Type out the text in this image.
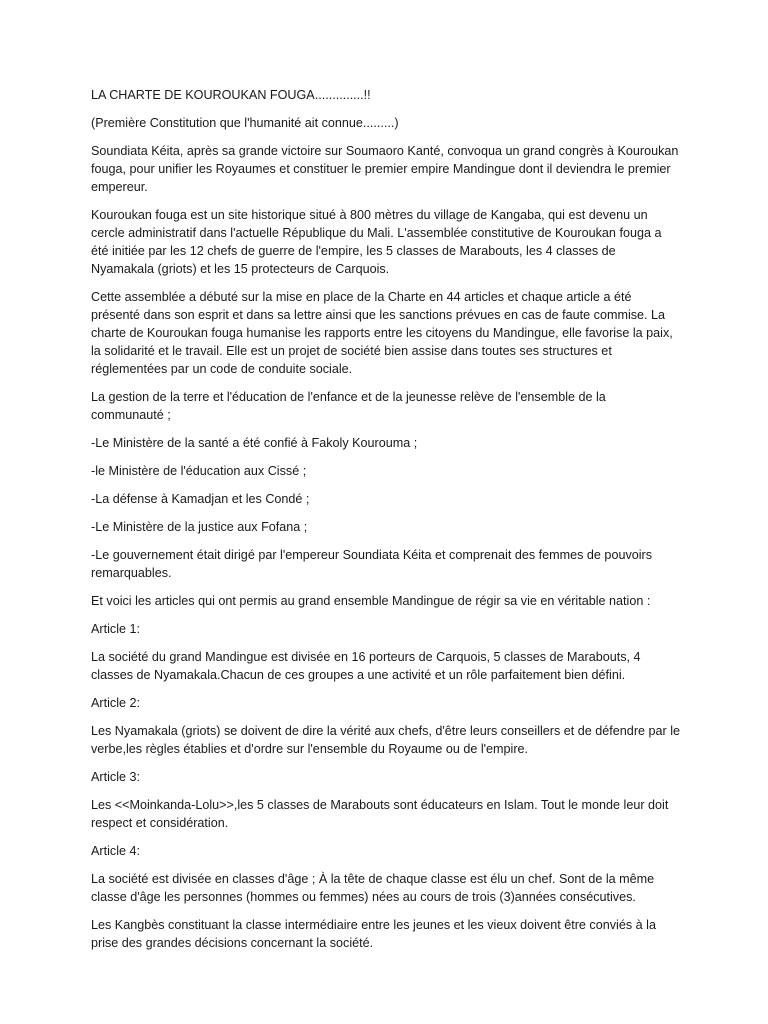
LA CHARTE DE KOUROUKAN FOUGA..............!!

(Première Constitution que l'humanité ait connue.........)

Soundiata Kéita, après sa grande victoire sur Soumaoro Kanté, convoqua un grand congrès à Kouroukan fouga, pour unifier les Royaumes et constituer le premier empire Mandingue dont il deviendra le premier empereur.

Kouroukan fouga est un site historique situé à 800 mètres du village de Kangaba, qui est devenu un cercle administratif dans l'actuelle République du Mali. L'assemblée constitutive de Kouroukan fouga a été initiée par les 12 chefs de guerre de l'empire, les 5 classes de Marabouts, les 4 classes de Nyamakala (griots) et les 15 protecteurs de Carquois.

Cette assemblée a débuté sur la mise en place de la Charte en 44 articles et chaque article a été présenté dans son esprit et dans sa lettre ainsi que les sanctions prévues en cas de faute commise. La charte de Kouroukan fouga humanise les rapports entre les citoyens du Mandingue, elle favorise la paix, la solidarité et le travail. Elle est un projet de société bien assise dans toutes ses structures et réglementées par un code de conduite sociale.

La gestion de la terre et l'éducation de l'enfance et de la jeunesse relève de l'ensemble de la communauté ;

-Le Ministère de la santé a été confié à Fakoly Kourouma ;

-le Ministère de l'éducation aux Cissé ;

-La défense à Kamadjan et les Condé ;

-Le Ministère de la justice aux Fofana ;

-Le gouvernement était dirigé par l'empereur Soundiata Kéita et comprenait des femmes de pouvoirs remarquables.

Et voici les articles qui ont permis au grand ensemble Mandingue de régir sa vie en véritable nation :

Article 1:

La société du grand Mandingue est divisée en 16 porteurs de Carquois, 5 classes de Marabouts, 4 classes de Nyamakala.Chacun de ces groupes a une activité et un rôle parfaitement bien défini.

Article 2:

Les Nyamakala (griots) se doivent de dire la vérité aux chefs, d'être leurs conseillers et de défendre par le verbe,les règles établies et d'ordre sur l'ensemble du Royaume ou de l'empire.

Article 3:

Les <<Moinkanda-Lolu>>,les 5 classes de Marabouts sont éducateurs en Islam. Tout le monde leur doit respect et considération.

Article 4:

La société est divisée en classes d'âge ; À la tête de chaque classe est élu un chef. Sont de la même classe d'âge les personnes (hommes ou femmes) nées au cours de trois (3)années consécutives.

Les Kangbès constituant la classe intermédiaire entre les jeunes et les vieux doivent être conviés à la prise des grandes décisions concernant la société.
